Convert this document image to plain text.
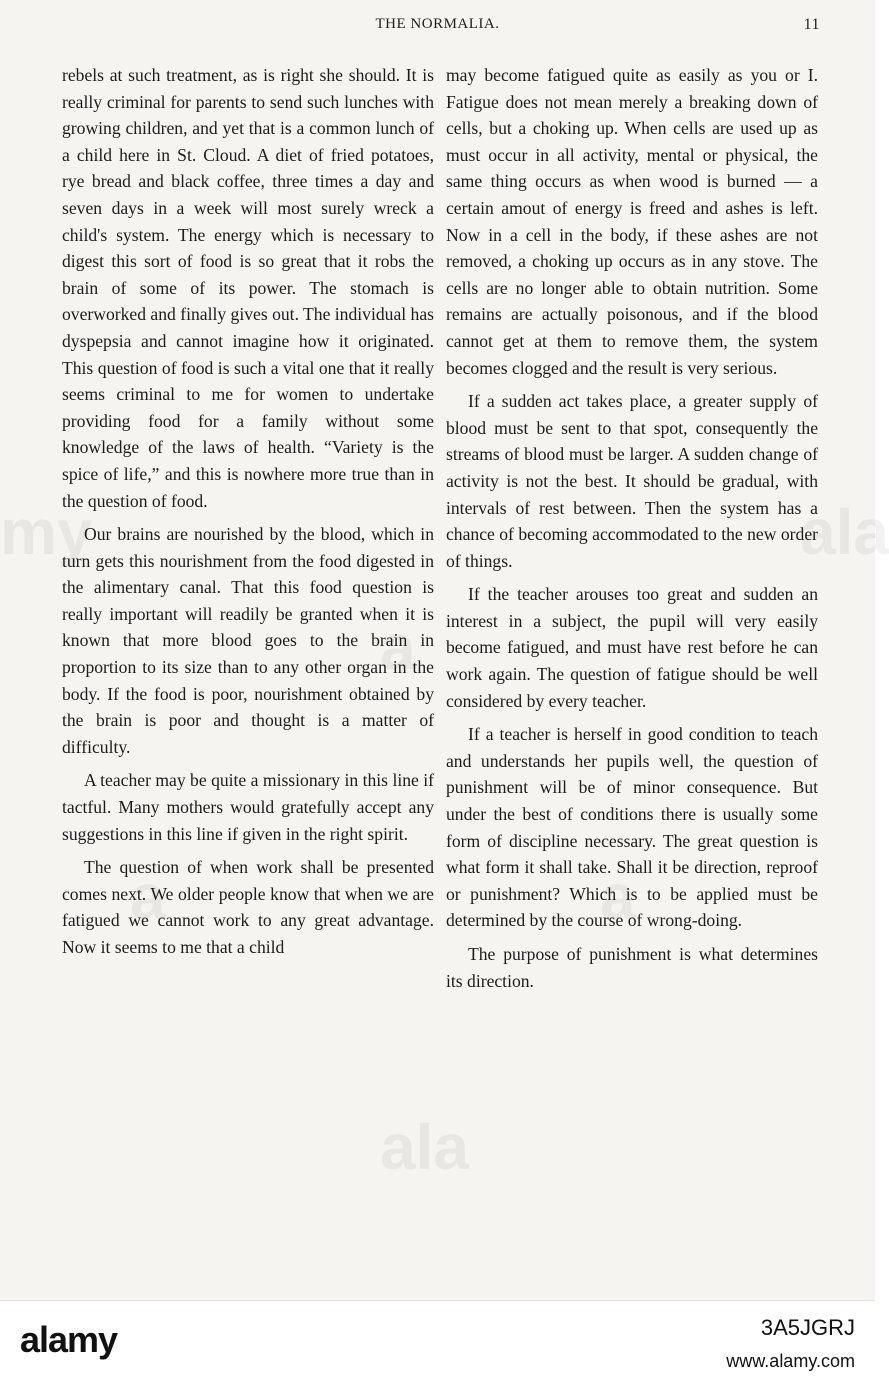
THE NORMALIA.	11

rebels at such treatment, as is right she should. It is really criminal for parents to send such lunches with growing children, and yet that is a common lunch of a child here in St. Cloud. A diet of fried potatoes, rye bread and black coffee, three times a day and seven days in a week will most surely wreck a child's system. The energy which is necessary to digest this sort of food is so great that it robs the brain of some of its power. The stomach is overworked and finally gives out. The individual has dyspepsia and cannot imagine how it originated. This question of food is such a vital one that it really seems criminal to me for women to undertake providing food for a family without some knowledge of the laws of health. “Variety is the spice of life,” and this is nowhere more true than in the question of food.

Our brains are nourished by the blood, which in turn gets this nourishment from the food digested in the alimentary canal. That this food question is really important will readily be granted when it is known that more blood goes to the brain in proportion to its size than to any other organ in the body. If the food is poor, nourishment obtained by the brain is poor and thought is a matter of difficulty.

A teacher may be quite a missionary in this line if tactful. Many mothers would gratefully accept any suggestions in this line if given in the right spirit.

The question of when work shall be presented comes next. We older people know that when we are fatigued we cannot work to any great advantage. Now it seems to me that a child

may become fatigued quite as easily as you or I. Fatigue does not mean merely a breaking down of cells, but a choking up. When cells are used up as must occur in all activity, mental or physical, the same thing occurs as when wood is burned — a certain amout of energy is freed and ashes is left. Now in a cell in the body, if these ashes are not removed, a choking up occurs as in any stove. The cells are no longer able to obtain nutrition. Some remains are actually poisonous, and if the blood cannot get at them to remove them, the system becomes clogged and the result is very serious.

If a sudden act takes place, a greater supply of blood must be sent to that spot, consequently the streams of blood must be larger. A sudden change of activity is not the best. It should be gradual, with intervals of rest between. Then the system has a chance of becoming accommodated to the new order of things.

If the teacher arouses too great and sudden an interest in a subject, the pupil will very easily become fatigued, and must have rest before he can work again. The question of fatigue should be well considered by every teacher.

If a teacher is herself in good condition to teach and understands her pupils well, the question of punishment will be of minor consequence. But under the best of conditions there is usually some form of discipline necessary. The great question is what form it shall take. Shall it be direction, reproof or punishment? Which is to be applied must be determined by the course of wrong-doing.

The purpose of punishment is what determines its direction.

my	ala
a
a	a
ala
alamy	3A5JGRJ
www.alamy.com
